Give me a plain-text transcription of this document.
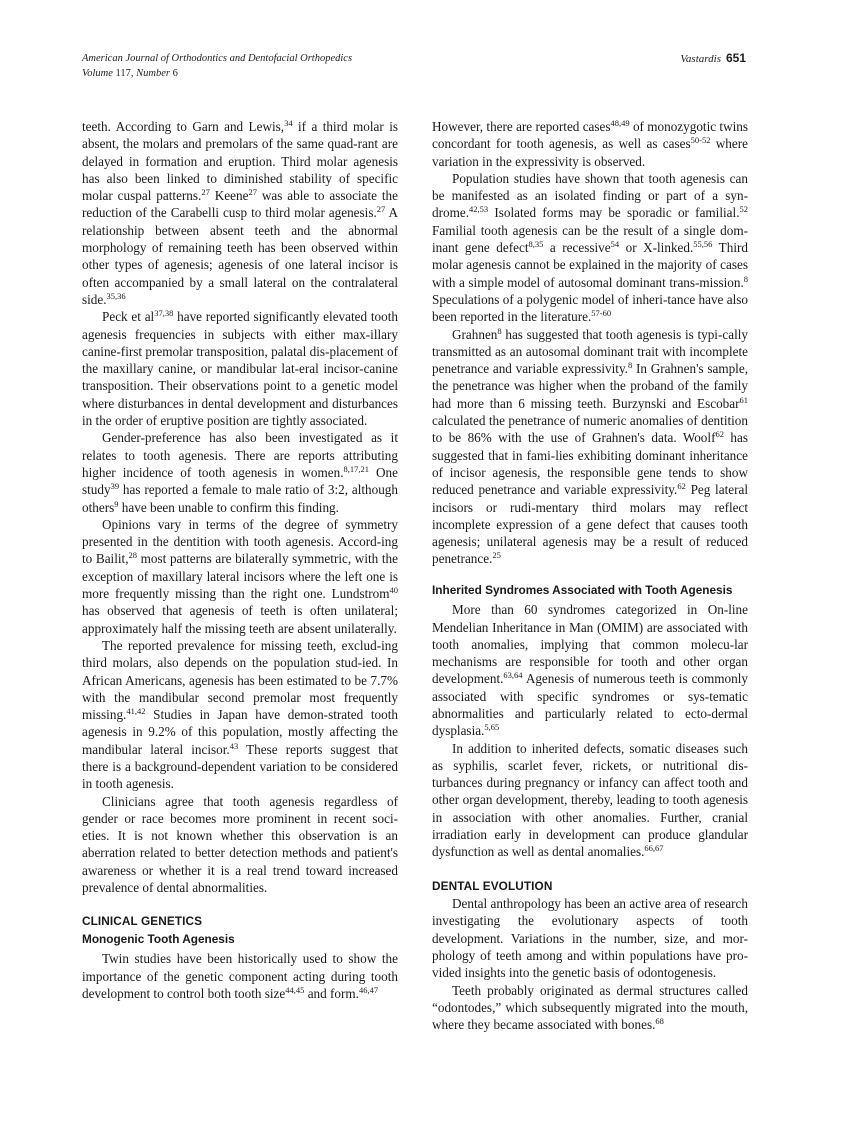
American Journal of Orthodontics and Dentofacial Orthopedics
Volume 117, Number 6
Vastardis 651

teeth. According to Garn and Lewis,$^{34}$ if a third molar is absent, the molars and premolars of the same quad-rant are delayed in formation and eruption. Third molar agenesis has also been linked to diminished stability of specific molar cuspal patterns.$^{27}$ Keene$^{27}$ was able to associate the reduction of the Carabelli cusp to third molar agenesis.$^{27}$ A relationship between absent teeth and the abnormal morphology of remaining teeth has been observed within other types of agenesis; agenesis of one lateral incisor is often accompanied by a small lateral on the contralateral side.$^{35,36}$

Peck et al$^{37,38}$ have reported significantly elevated tooth agenesis frequencies in subjects with either max-illary canine-first premolar transposition, palatal dis-placement of the maxillary canine, or mandibular lat-eral incisor-canine transposition. Their observations point to a genetic model where disturbances in dental development and disturbances in the order of eruptive position are tightly associated.

Gender-preference has also been investigated as it relates to tooth agenesis. There are reports attributing higher incidence of tooth agenesis in women.$^{8,17,21}$ One study$^{39}$ has reported a female to male ratio of 3:2, although others$^9$ have been unable to confirm this finding.

Opinions vary in terms of the degree of symmetry presented in the dentition with tooth agenesis. Accord-ing to Bailit,$^{28}$ most patterns are bilaterally symmetric, with the exception of maxillary lateral incisors where the left one is more frequently missing than the right one. Lundstrom$^{40}$ has observed that agenesis of teeth is often unilateral; approximately half the missing teeth are absent unilaterally.

The reported prevalence for missing teeth, exclud-ing third molars, also depends on the population stud-ied. In African Americans, agenesis has been estimated to be 7.7% with the mandibular second premolar most frequently missing.$^{41,42}$ Studies in Japan have demon-strated tooth agenesis in 9.2% of this population, mostly affecting the mandibular lateral incisor.$^{43}$ These reports suggest that there is a background-dependent variation to be considered in tooth agenesis.

Clinicians agree that tooth agenesis regardless of gender or race becomes more prominent in recent soci-eties. It is not known whether this observation is an aberration related to better detection methods and patient's awareness or whether it is a real trend toward increased prevalence of dental abnormalities.

CLINICAL GENETICS
Monogenic Tooth Agenesis

Twin studies have been historically used to show the importance of the genetic component acting during tooth development to control both tooth size$^{44,45}$ and form.$^{46,47}$

However, there are reported cases$^{48,49}$ of monozygotic twins concordant for tooth agenesis, as well as cases$^{50-52}$ where variation in the expressivity is observed.

Population studies have shown that tooth agenesis can be manifested as an isolated finding or part of a syn-drome.$^{42,53}$ Isolated forms may be sporadic or familial.$^{52}$ Familial tooth agenesis can be the result of a single dom-inant gene defect$^{8,35}$ a recessive$^{54}$ or X-linked.$^{55,56}$ Third molar agenesis cannot be explained in the majority of cases with a simple model of autosomal dominant trans-mission.$^8$ Speculations of a polygenic model of inheri-tance have also been reported in the literature.$^{57-60}$

Grahnen$^8$ has suggested that tooth agenesis is typi-cally transmitted as an autosomal dominant trait with incomplete penetrance and variable expressivity.$^8$ In Grahnen's sample, the penetrance was higher when the proband of the family had more than 6 missing teeth. Burzynski and Escobar$^{61}$ calculated the penetrance of numeric anomalies of dentition to be 86% with the use of Grahnen's data. Woolf$^{62}$ has suggested that in fami-lies exhibiting dominant inheritance of incisor agenesis, the responsible gene tends to show reduced penetrance and variable expressivity.$^{62}$ Peg lateral incisors or rudi-mentary third molars may reflect incomplete expression of a gene defect that causes tooth agenesis; unilateral agenesis may be a result of reduced penetrance.$^{25}$

Inherited Syndromes Associated with Tooth Agenesis

More than 60 syndromes categorized in On-line Mendelian Inheritance in Man (OMIM) are associated with tooth anomalies, implying that common molecu-lar mechanisms are responsible for tooth and other organ development.$^{63,64}$ Agenesis of numerous teeth is commonly associated with specific syndromes or sys-tematic abnormalities and particularly related to ecto-dermal dysplasia.$^{5,65}$

In addition to inherited defects, somatic diseases such as syphilis, scarlet fever, rickets, or nutritional dis-turbances during pregnancy or infancy can affect tooth and other organ development, thereby, leading to tooth agenesis in association with other anomalies. Further, cranial irradiation early in development can produce glandular dysfunction as well as dental anomalies.$^{66,67}$

DENTAL EVOLUTION

Dental anthropology has been an active area of research investigating the evolutionary aspects of tooth development. Variations in the number, size, and mor-phology of teeth among and within populations have pro-vided insights into the genetic basis of odontogenesis.

Teeth probably originated as dermal structures called “odontodes,” which subsequently migrated into the mouth, where they became associated with bones.$^{68}$
